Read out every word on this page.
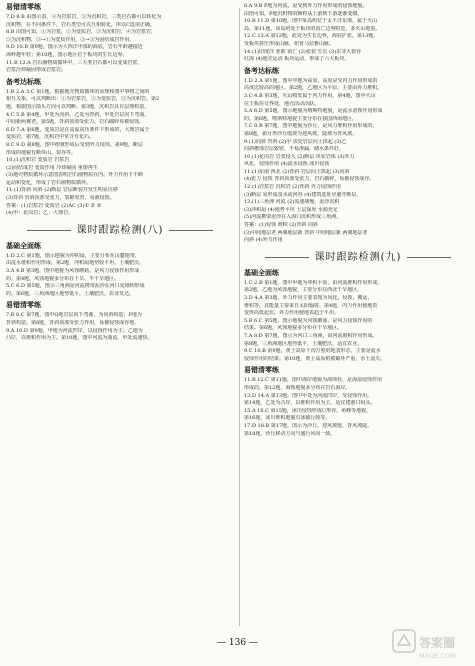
易错清零练
7.D 8.B 由图示表，④为岩浆岩，⑤为沉积岩，三类岩石都可以转化为
沉积物，在不同条件下，岩石类型可以互相转化，所以C选项正确。
8.B 由图可知，①为岩浆，②为变质岩，③为沉积岩，④为岩浆岩，
⑤为沉积物，③→①为变质作用，⑤→③为固结成岩作用。
9.D 10.B 第9题，图示为大西洋中部的海底，岩石年龄越接近
海岭越年轻；第10题，图示地区位于板块的生长边界。
11.B 12.A 岩石圈物质循环中，三大类岩石都可以变成岩浆，
岩浆冷却凝固形成岩浆岩。
备考达标练
1.B 2.A 3.C 第1题，根据地壳物质循环的原理和图中事物之间的
相互关系，可以判断出：①为岩浆岩，②为变质岩，③为沉积岩。第2
题，根据图示箭头方向可以判断。第3题，沉积岩具有层理构造。
4.C 5.B 第4题，甲处为向斜，乙处为背斜，甲处岩层向下弯曲，
中间新两翼老。第5题，背斜顶部受张力，岩石破碎易被侵蚀。
6.D 7.A 第6题，变质岩是在高温高压条件下形成的，大理岩属于
变质岩。第7题，沉积岩中常含有化石。
8.C 9.D 第8题，图中褶皱形成后受到外力侵蚀。第9题，断层
形成的地貌有断块山、裂谷等。
10.(1)沉积岩 变质岩 岩浆岩
(2)固结成岩 变质作用 冷却凝固 重熔再生
(3)地壳物质循环示意图表明岩石圈物质在内、外力作用下不断
运动和变化，形成了岩石圈物质循环。
11.(1)背斜 向斜 (2)断层 岩层断裂并发生明显位移
(3)背斜 背斜顶部受张力，裂隙发育，易被侵蚀。
答案：(1)岩浆岩 变质岩 (2)AC (3)① ② ③
(4)甲：花岗岩；乙：大理岩。
课时跟踪检测(八)
基础全面练
1.D 2.C 第1题，图示地貌为冲积扇，主要分布在山麓地带，
由流水堆积作用形成。第2题，冲积扇地势较平坦，土壤肥沃。
3.A 4.B 第3题，图中地貌为风蚀蘑菇，是风力侵蚀作用形成
的。第4题，风蚀地貌多分布在干旱、半干旱地区。
5.C 6.D 第5题，图示三角洲是河流携带泥沙在河口处堆积形成
的。第6题，三角洲地区地势低平，土壤肥沃，农业发达。
易错清零练
7.B 8.C 第7题，图中Q地岩层向下弯曲，为向斜构造；P地为
背斜构造。第8题，背斜顶部受张力作用，易被侵蚀成谷地。
9.A 10.D 第9题，甲地为河流凹岸，以侵蚀作用为主；乙地为
凸岸，以堆积作用为主。第10题，图中河流为曲流，甲处流速快。
8.A 9.B P地为河流，是受到外力作用形成的侵蚀地貌。
由图可知，P地沉积物的颗粒从上游到下游逐渐变细。
10.B 11.D 第10题，图中某岛屿位于太平洋东部，属于火山
岛。第11题，该岛屿处于板块的消亡边界附近，多火山地震。
12.C 13.A 第12题，此处为生长边界，海底扩张。第13题，
受板块挤压形成山脉，如喜马拉雅山脉。
14.(1)印度洋 亚欧 消亡 (2)张裂 生长 (3)东非大裂谷
红海 (4)地壳运动 板块运动，形成了六大板块。
备考达标练
1.D 2.A 第1题，图中甲地为高原，高原是受内力作用形成的
高度比较高的地区。第2题，乙地区为平原，主要由外力堆积。
3.C 4.B 第3题，火山喷发属于内力作用。第4题，图中火山
位于板块交界处，地壳活动活跃。
5.A 6.D 第5题，图示地貌为喀斯特地貌，是流水溶蚀作用形成
的。第6题，喀斯特地貌主要分布在我国西南地区。
7.C 8.B 第7题，图中地貌为沙丘，是风力堆积作用形成的。
第8题，新月形沙丘缓坡为迎风坡，陡坡为背风坡。
9.(1)向斜 背斜 (2)甲 该处岩层向上拱起 (3)乙
向斜槽部岩层致密，不易渗漏，储水条件好。
10.(1)花岗岩 岩浆侵入 (2)断层 块状岩体 (3)外力
风化、侵蚀作用 (4)流水侵蚀 冰川侵蚀
11.(1)东南 西北 (2)背斜 岩层向上拱起 (3)向斜
(4)张力 侵蚀 背斜顶部受张力，岩石破碎，易被侵蚀成谷。
12.(1)岩浆岩 沉积岩 (2)背斜 外力侵蚀作用
(3)断层 易形成泉水或河谷 (4)建筑选址应避开断层。
13.(1)三角洲 河流 (2)流速减慢，泥沙沉积
(3)冲积扇 (4)地势平坦 土层深厚 水源充足
(5)河流携带泥沙在入海口沉积形成三角洲。
答案：(1)侵蚀 堆积 (2)背斜 向斜
(3)中间地层老 两翼地层新 背斜 中间地层新 两翼地层老
向斜 (4)外力作用
课时跟踪检测(九)
基础全面练
1.C 2.B 第1题，图中甲地为冲积平原，由河流堆积作用形成。
第2题，乙地为风蚀地貌，主要分布在西北干旱地区。
3.D 4.A 第3题，外力作用主要表现为风化、侵蚀、搬运、
堆积等，其能量主要来自太阳辐射。第4题，内力作用使地表
变得高低起伏，外力作用使地表趋于平坦。
5.B 6.C 第5题，图示地貌为风蚀蘑菇，是风力侵蚀作用的
结果。第6题，风蚀地貌多分布在干旱地区。
7.A 8.D 第7题，图示为河口三角洲，由河流堆积作用形成。
第8题，三角洲地区地势低平，土壤肥沃，适宜农业。
9.C 10.B 第9题，黄土高原千沟万壑的地表形态，主要是流水
侵蚀作用的结果。第10题，黄土高原植被破坏严重，水土流失。
易错清零练
11.B 12.C 第11题，图中海岸地貌为海蚀柱，是海浪侵蚀作用
形成的。第12题，海蚀地貌多分布在岩石海岸。
13.D 14.A 第13题，图中甲处为河流凹岸，受侵蚀作用。
第14题，乙处为凸岸，以堆积作用为主，适宜建港口码头。
15.A 16.C 第15题，冰川侵蚀形成U形谷、角峰等地貌。
第16题，冰川堆积地貌有冰碛丘陵等。
17.D 18.B 第17题，图示为沙丘，迎风坡缓，背风坡陡。
第18题，沙丘移动方向与盛行风向一致。
— 136 —	答案圈
MXQE.COM
